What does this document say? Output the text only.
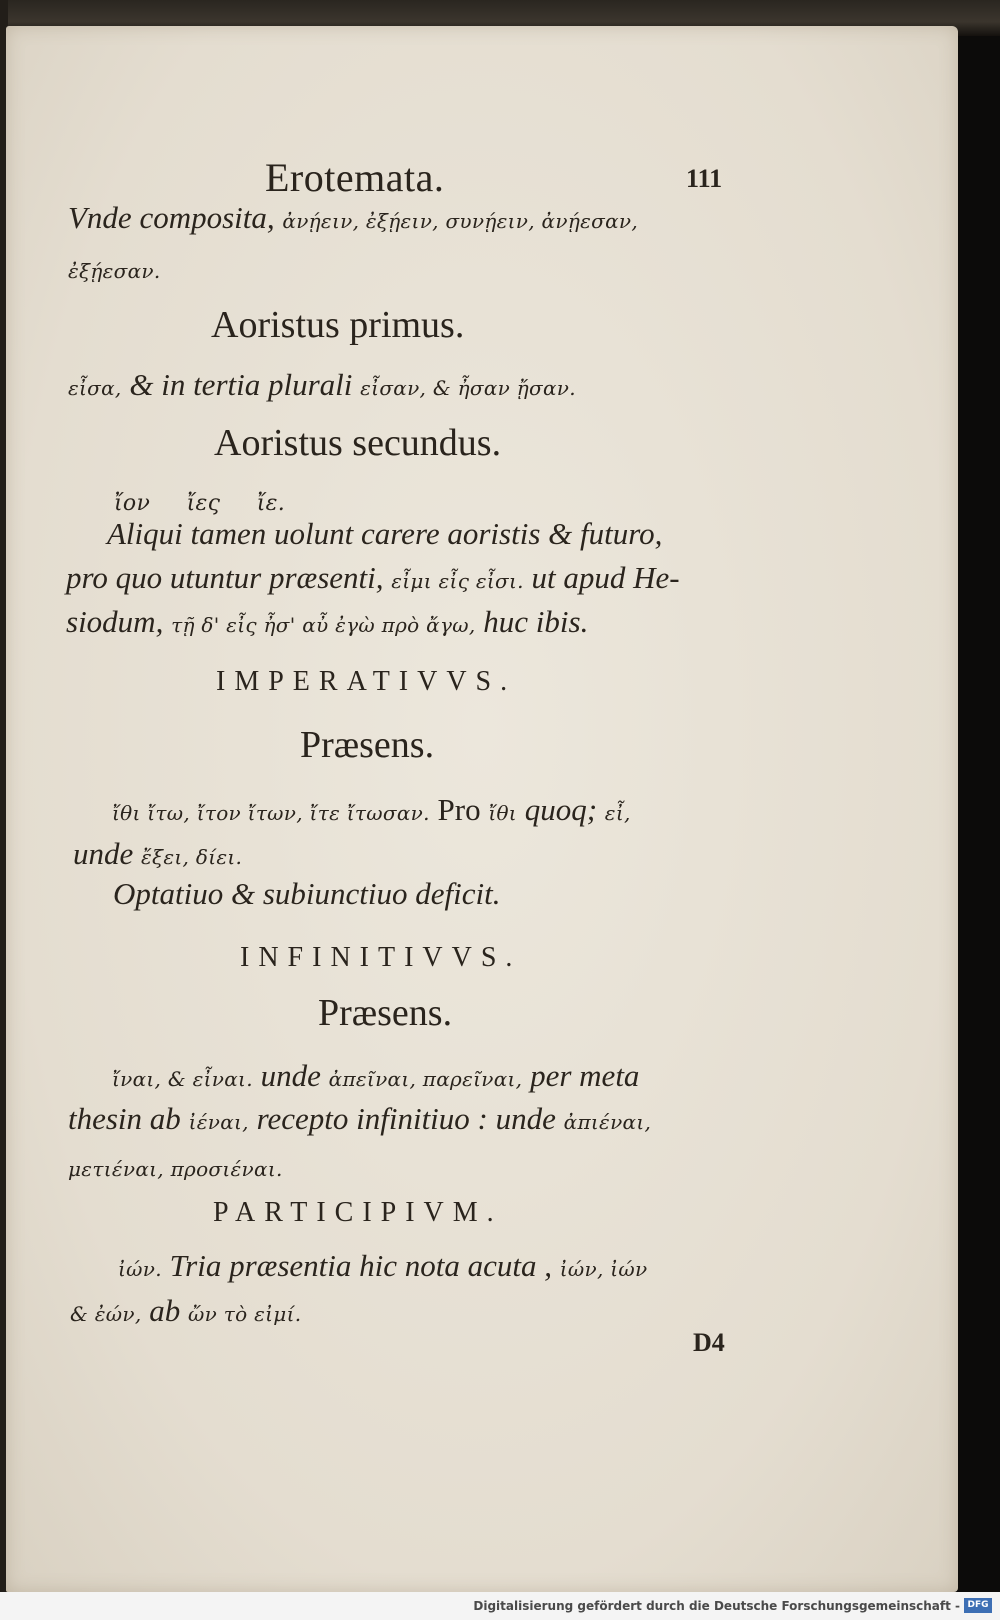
Erotemata.	111
Vnde composita, ἀνῄειν, ἐξῄειν, συνῄειν, ἀνῄεσαν,
ἐξῄεσαν.
Aoristus primus.
εἶσα, & in tertia plurali εἶσαν, & ἦσαν ᾔσαν.
Aoristus secundus.
ἴον     ἴες     ἴε.
Aliqui tamen uolunt carere aoristis & futuro,
pro quo utuntur præsenti, εἶμι εἶς εἶσι. ut apud He-
siodum, τῇ δ' εἶς ἦσ' αὖ ἐγὼ πρὸ ἄγω, huc ibis.
IMPERATIVVS.
Præsens.
ἴθι ἴτω, ἴτον ἴτων, ἴτε ἴτωσαν. Pro ἴθι quoq; εἶ,
unde ἔξει, δίει.
Optatiuo & subiunctiuo deficit.
INFINITIVVS.
Præsens.
ἴναι, & εἶναι. unde ἀπεῖναι, παρεῖναι, per meta
thesin ab ἰέναι, recepto infinitiuo : unde ἀπιέναι,
μετιέναι, προσιέναι.
PARTICIPIVM.
ἰών. Tria præsentia hic nota acuta , ἰών, ἰών
& ἐών, ab ὤν τὸ εἰμί.
D4
Digitalisierung gefördert durch die Deutsche Forschungsgemeinschaft - DFG
